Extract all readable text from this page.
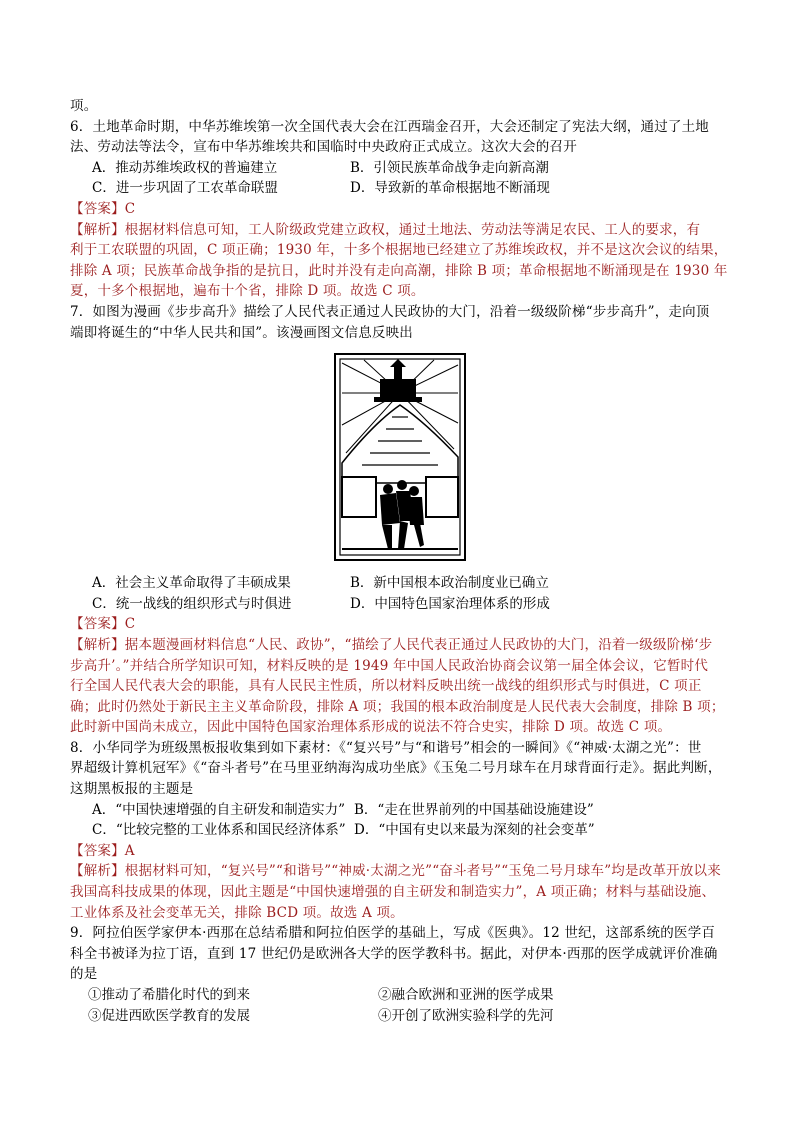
项。
6．土地革命时期，中华苏维埃第一次全国代表大会在江西瑞金召开，大会还制定了宪法大纲，通过了土地
法、劳动法等法令，宣布中华苏维埃共和国临时中央政府正式成立。这次大会的召开
A．推动苏维埃政权的普遍建立	B．引领民族革命战争走向新高潮
C．进一步巩固了工农革命联盟	D．导致新的革命根据地不断涌现
【答案】C
【解析】根据材料信息可知，工人阶级政党建立政权，通过土地法、劳动法等满足农民、工人的要求，有
利于工农联盟的巩固，C 项正确；1930 年，十多个根据地已经建立了苏维埃政权，并不是这次会议的结果，
排除 A 项；民族革命战争指的是抗日，此时并没有走向高潮，排除 B 项；革命根据地不断涌现是在 1930 年
夏，十多个根据地，遍布十个省，排除 D 项。故选 C 项。
7．如图为漫画《步步高升》描绘了人民代表正通过人民政协的大门，沿着一级级阶梯“步步高升”，走向顶
端即将诞生的“中华人民共和国”。该漫画图文信息反映出
A．社会主义革命取得了丰硕成果	B．新中国根本政治制度业已确立
C．统一战线的组织形式与时俱进	D．中国特色国家治理体系的形成
【答案】C
【解析】据本题漫画材料信息“人民、政协”，“描绘了人民代表正通过人民政协的大门，沿着一级级阶梯‘步
步高升’。”并结合所学知识可知，材料反映的是 1949 年中国人民政治协商会议第一届全体会议，它暂时代
行全国人民代表大会的职能，具有人民民主性质，所以材料反映出统一战线的组织形式与时俱进，C 项正
确；此时仍然处于新民主主义革命阶段，排除 A 项；我国的根本政治制度是人民代表大会制度，排除 B 项；
此时新中国尚未成立，因此中国特色国家治理体系形成的说法不符合史实，排除 D 项。故选 C 项。
8．小华同学为班级黑板报收集到如下素材：《“复兴号”与“和谐号”相会的一瞬间》《“神威·太湖之光”：世
界超级计算机冠军》《“奋斗者号”在马里亚纳海沟成功坐底》《玉兔二号月球车在月球背面行走》。据此判断，
这期黑板报的主题是
A．“中国快速增强的自主研发和制造实力” B．“走在世界前列的中国基础设施建设”
C．“比较完整的工业体系和国民经济体系” D．“中国有史以来最为深刻的社会变革”
【答案】A
【解析】根据材料可知，“复兴号”“和谐号”“神威·太湖之光”“奋斗者号”“玉兔二号月球车”均是改革开放以来
我国高科技成果的体现，因此主题是“中国快速增强的自主研发和制造实力”，A 项正确；材料与基础设施、
工业体系及社会变革无关，排除 BCD 项。故选 A 项。
9．阿拉伯医学家伊本·西那在总结希腊和阿拉伯医学的基础上，写成《医典》。12 世纪，这部系统的医学百
科全书被译为拉丁语，直到 17 世纪仍是欧洲各大学的医学教科书。据此，对伊本·西那的医学成就评价准确
的是
①推动了希腊化时代的到来	②融合欧洲和亚洲的医学成果
③促进西欧医学教育的发展	④开创了欧洲实验科学的先河
